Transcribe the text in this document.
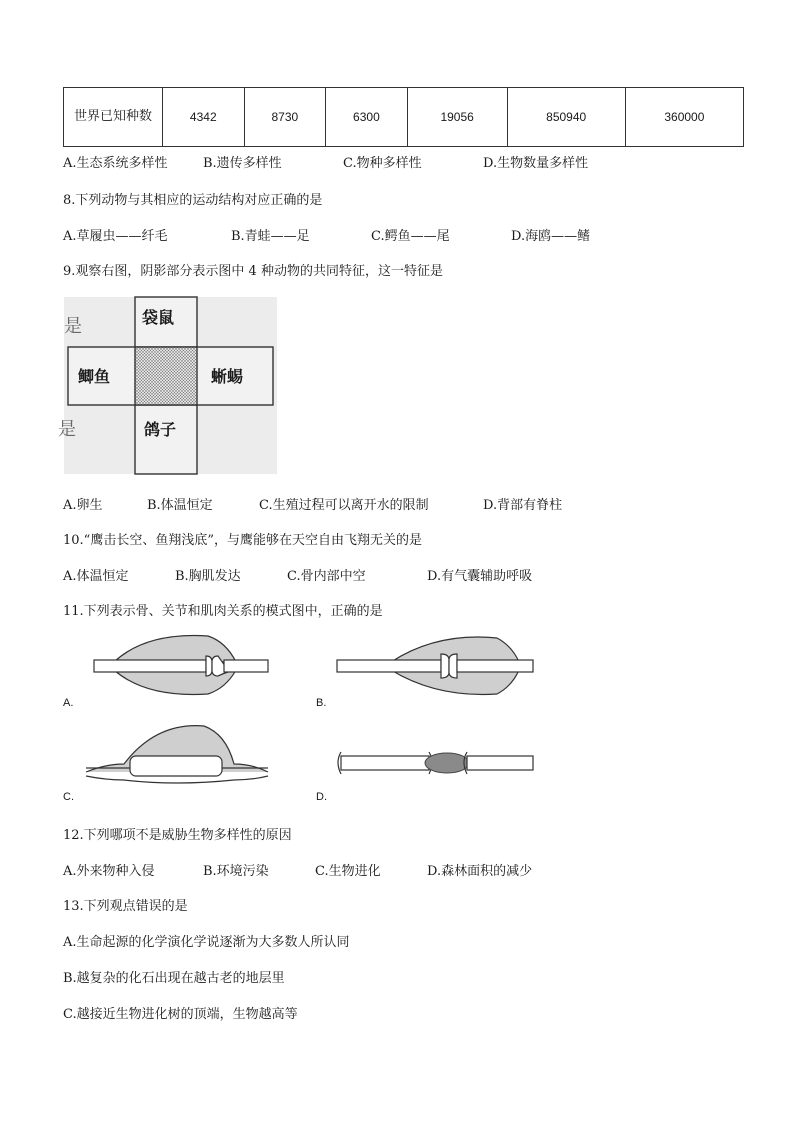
世界已知种数	4342	8730	6300	19056	850940	360000
A.生态系统多样性	B.遗传多样性	C.物种多样性	D.生物数量多样性
8.下列动物与其相应的运动结构对应正确的是
A.草履虫——纤毛	B.青蛙——足	C.鳄鱼——尾	D.海鸥——鳍
9.观察右图，阴影部分表示图中 4 种动物的共同特征，这一特征是
袋鼠
鲫鱼	蜥蜴
鸽子
是
是
A.卵生	B.体温恒定	C.生殖过程可以离开水的限制	D.背部有脊柱
10.“鹰击长空、鱼翔浅底”，与鹰能够在天空自由飞翔无关的是
A.体温恒定	B.胸肌发达	C.骨内部中空	D.有气囊辅助呼吸
11.下列表示骨、关节和肌肉关系的模式图中，正确的是
A.	B.
C.	D.
12.下列哪项不是威胁生物多样性的原因
A.外来物种入侵	B.环境污染	C.生物进化	D.森林面积的减少
13.下列观点错误的是
A.生命起源的化学演化学说逐渐为大多数人所认同
B.越复杂的化石出现在越古老的地层里
C.越接近生物进化树的顶端，生物越高等
